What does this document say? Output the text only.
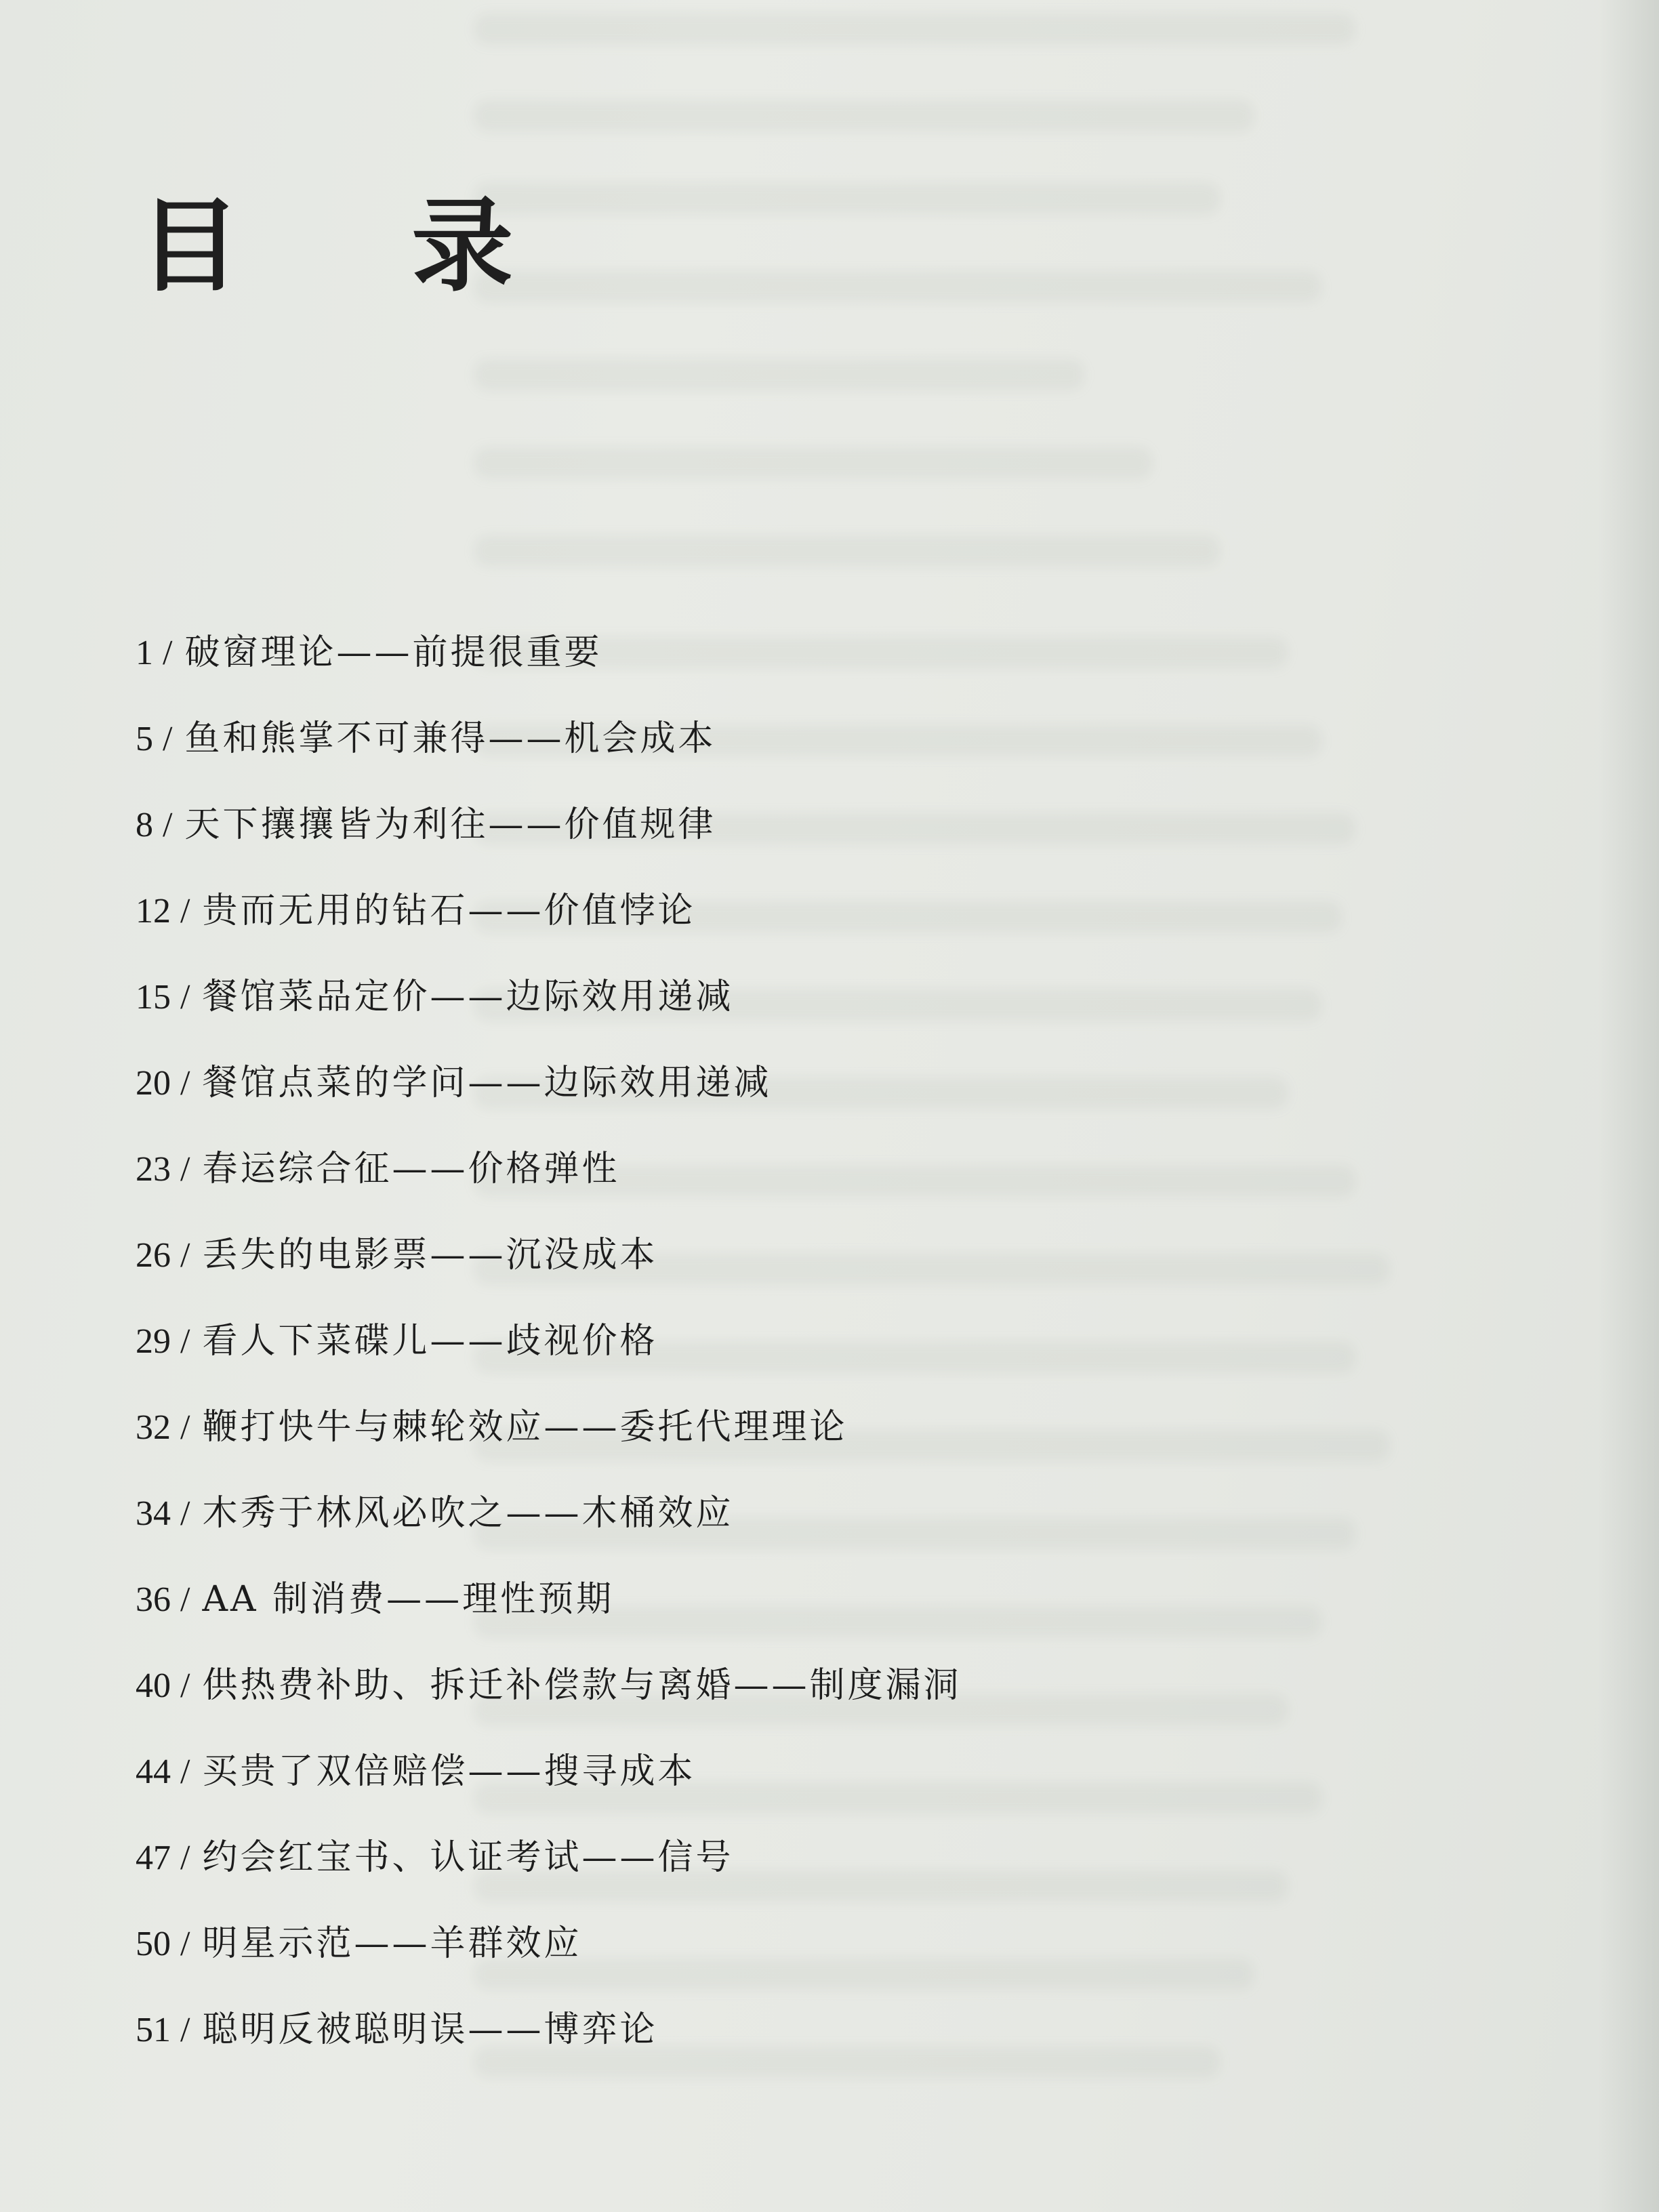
目 录
1 / 破窗理论——前提很重要
5 / 鱼和熊掌不可兼得——机会成本
8 / 天下攘攘皆为利往——价值规律
12 / 贵而无用的钻石——价值悖论
15 / 餐馆菜品定价——边际效用递减
20 / 餐馆点菜的学问——边际效用递减
23 / 春运综合征——价格弹性
26 / 丢失的电影票——沉没成本
29 / 看人下菜碟儿——歧视价格
32 / 鞭打快牛与棘轮效应——委托代理理论
34 / 木秀于林风必吹之——木桶效应
36 / AA 制消费——理性预期
40 / 供热费补助、拆迁补偿款与离婚——制度漏洞
44 / 买贵了双倍赔偿——搜寻成本
47 / 约会红宝书、认证考试——信号
50 / 明星示范——羊群效应
51 / 聪明反被聪明误——博弈论
